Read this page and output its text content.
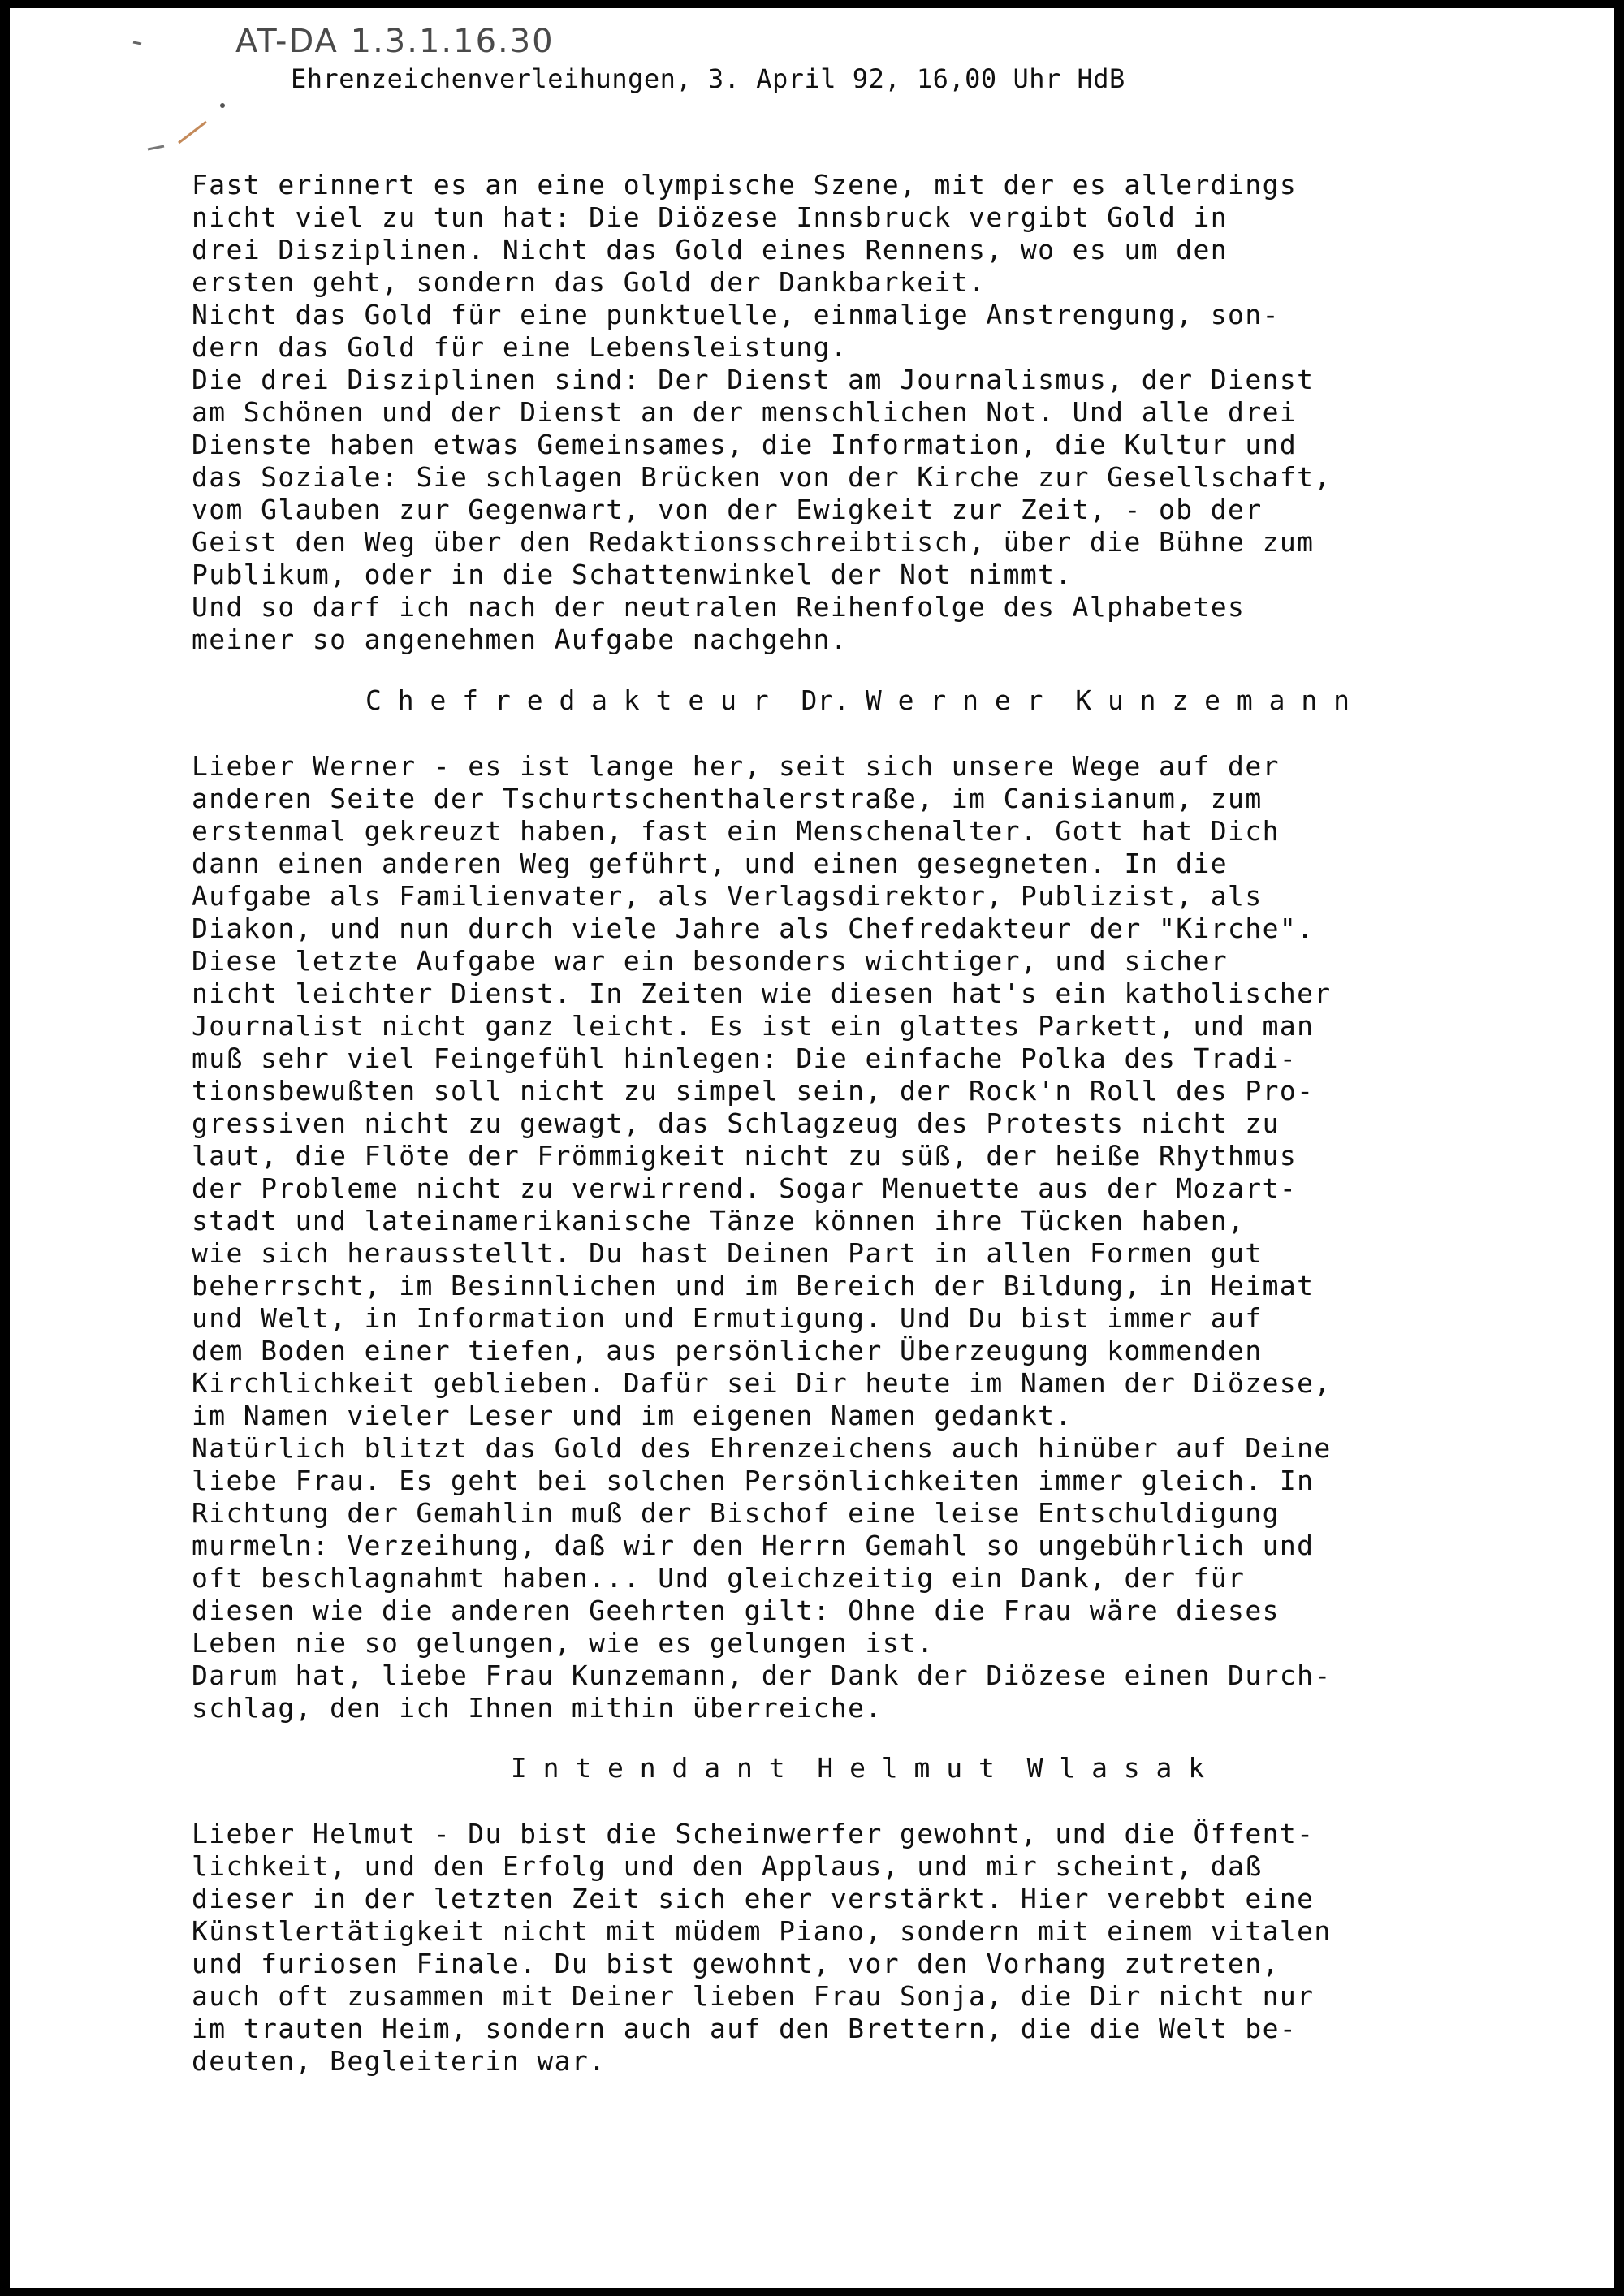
AT-DA 1.3.1.16.30
Ehrenzeichenverleihungen, 3. April 92, 16,00 Uhr HdB
Fast erinnert es an eine olympische Szene, mit der es allerdings
nicht viel zu tun hat: Die Diözese Innsbruck vergibt Gold in
drei Disziplinen. Nicht das Gold eines Rennens, wo es um den
ersten geht, sondern das Gold der Dankbarkeit.
Nicht das Gold für eine punktuelle, einmalige Anstrengung, son-
dern das Gold für eine Lebensleistung.
Die drei Disziplinen sind: Der Dienst am Journalismus, der Dienst
am Schönen und der Dienst an der menschlichen Not. Und alle drei
Dienste haben etwas Gemeinsames, die Information, die Kultur und
das Soziale: Sie schlagen Brücken von der Kirche zur Gesellschaft,
vom Glauben zur Gegenwart, von der Ewigkeit zur Zeit, - ob der
Geist den Weg über den Redaktionsschreibtisch, über die Bühne zum
Publikum, oder in die Schattenwinkel der Not nimmt.
Und so darf ich nach der neutralen Reihenfolge des Alphabetes
meiner so angenehmen Aufgabe nachgehn.
C h e f r e d a k t e u r  Dr. W e r n e r  K u n z e m a n n
Lieber Werner - es ist lange her, seit sich unsere Wege auf der
anderen Seite der Tschurtschenthalerstraße, im Canisianum, zum
erstenmal gekreuzt haben, fast ein Menschenalter. Gott hat Dich
dann einen anderen Weg geführt, und einen gesegneten. In die
Aufgabe als Familienvater, als Verlagsdirektor, Publizist, als
Diakon, und nun durch viele Jahre als Chefredakteur der "Kirche".
Diese letzte Aufgabe war ein besonders wichtiger, und sicher
nicht leichter Dienst. In Zeiten wie diesen hat's ein katholischer
Journalist nicht ganz leicht. Es ist ein glattes Parkett, und man
muß sehr viel Feingefühl hinlegen: Die einfache Polka des Tradi-
tionsbewußten soll nicht zu simpel sein, der Rock'n Roll des Pro-
gressiven nicht zu gewagt, das Schlagzeug des Protests nicht zu
laut, die Flöte der Frömmigkeit nicht zu süß, der heiße Rhythmus
der Probleme nicht zu verwirrend. Sogar Menuette aus der Mozart-
stadt und lateinamerikanische Tänze können ihre Tücken haben,
wie sich herausstellt. Du hast Deinen Part in allen Formen gut
beherrscht, im Besinnlichen und im Bereich der Bildung, in Heimat
und Welt, in Information und Ermutigung. Und Du bist immer auf
dem Boden einer tiefen, aus persönlicher Überzeugung kommenden
Kirchlichkeit geblieben. Dafür sei Dir heute im Namen der Diözese,
im Namen vieler Leser und im eigenen Namen gedankt.
Natürlich blitzt das Gold des Ehrenzeichens auch hinüber auf Deine
liebe Frau. Es geht bei solchen Persönlichkeiten immer gleich. In
Richtung der Gemahlin muß der Bischof eine leise Entschuldigung
murmeln: Verzeihung, daß wir den Herrn Gemahl so ungebührlich und
oft beschlagnahmt haben... Und gleichzeitig ein Dank, der für
diesen wie die anderen Geehrten gilt: Ohne die Frau wäre dieses
Leben nie so gelungen, wie es gelungen ist.
Darum hat, liebe Frau Kunzemann, der Dank der Diözese einen Durch-
schlag, den ich Ihnen mithin überreiche.
I n t e n d a n t  H e l m u t  W l a s a k
Lieber Helmut - Du bist die Scheinwerfer gewohnt, und die Öffent-
lichkeit, und den Erfolg und den Applaus, und mir scheint, daß
dieser in der letzten Zeit sich eher verstärkt. Hier verebbt eine
Künstlertätigkeit nicht mit müdem Piano, sondern mit einem vitalen
und furiosen Finale. Du bist gewohnt, vor den Vorhang zutreten,
auch oft zusammen mit Deiner lieben Frau Sonja, die Dir nicht nur
im trauten Heim, sondern auch auf den Brettern, die die Welt be-
deuten, Begleiterin war.
